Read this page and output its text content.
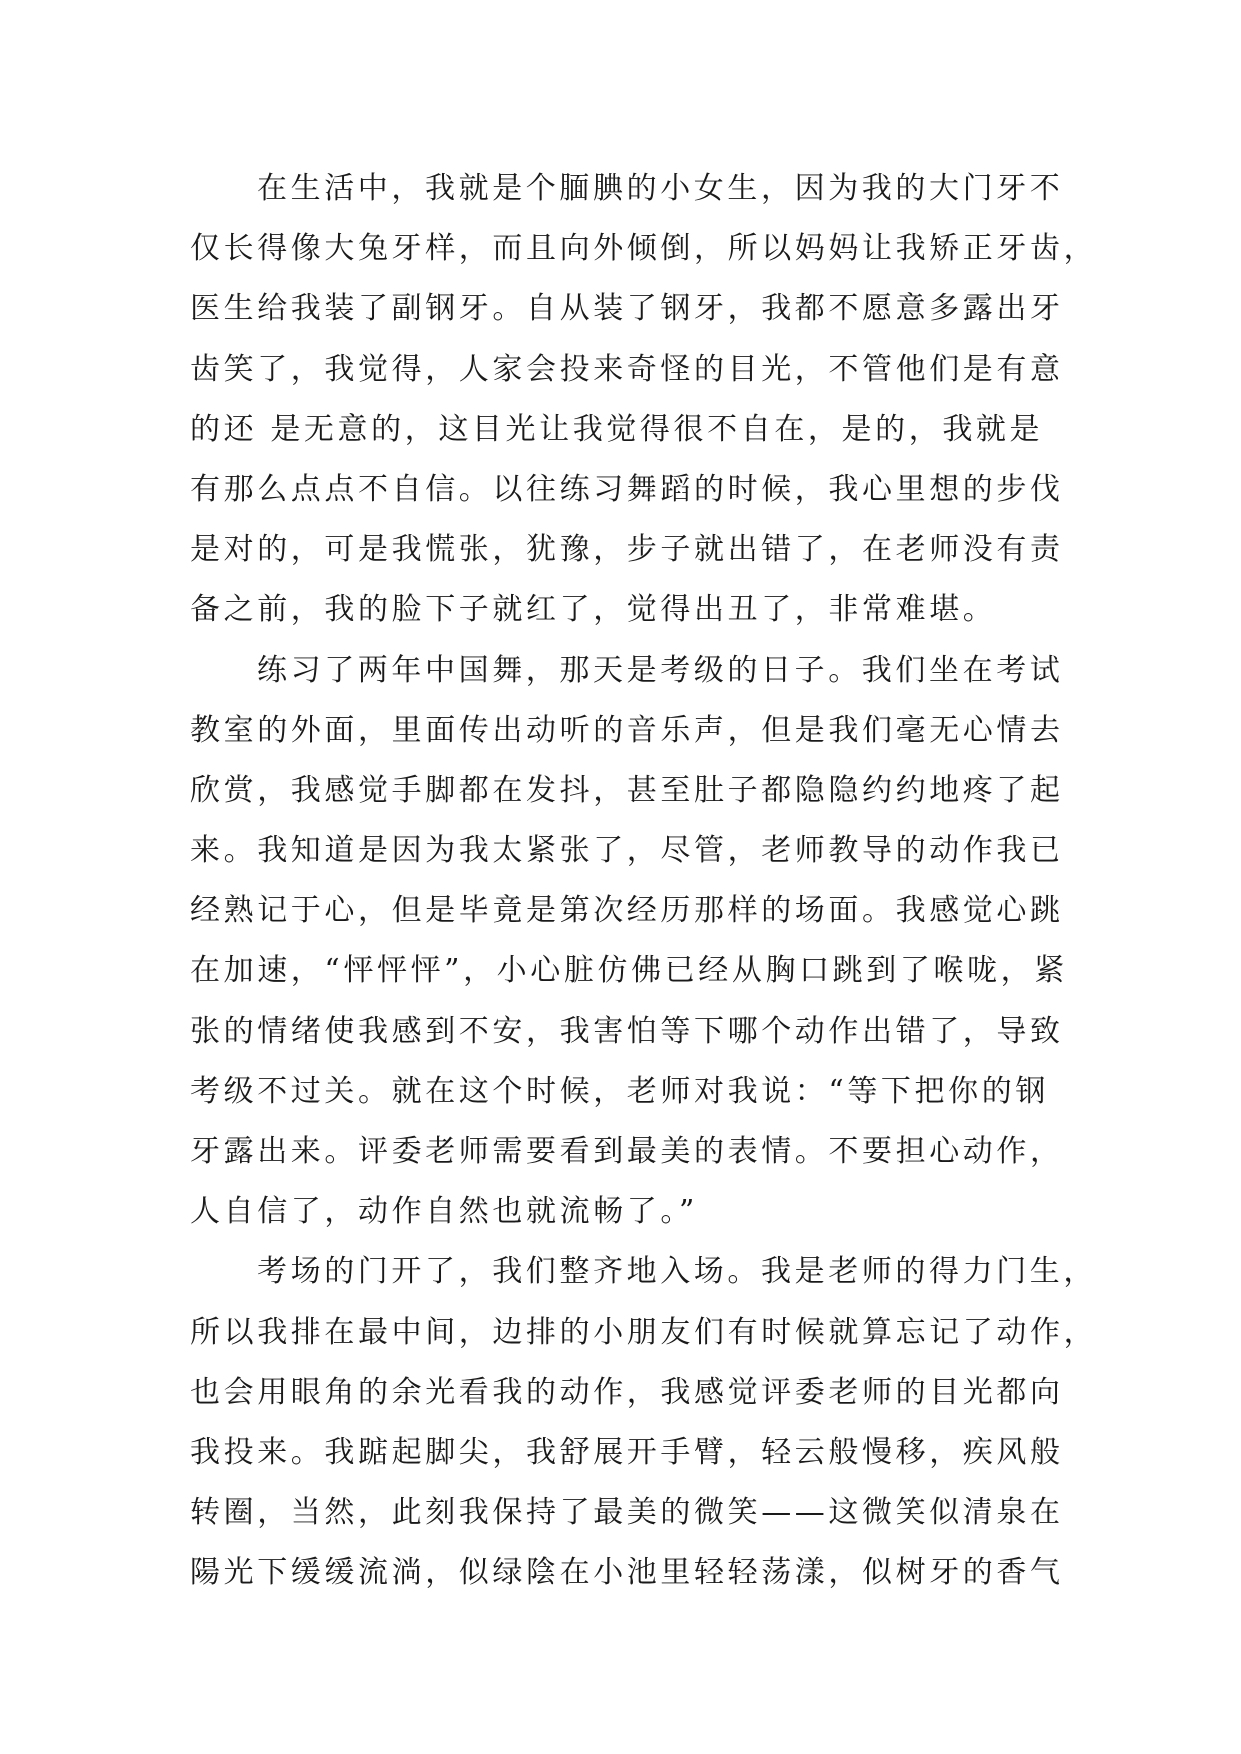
在生活中，我就是个腼腆的小女生，因为我的大门牙不
仅长得像大兔牙样，而且向外倾倒，所以妈妈让我矫正牙齿，
医生给我装了副钢牙。自从装了钢牙，我都不愿意多露出牙
齿笑了，我觉得，人家会投来奇怪的目光，不管他们是有意
的还 是无意的，这目光让我觉得很不自在，是的，我就是
有那么点点不自信。以往练习舞蹈的时候，我心里想的步伐
是对的，可是我慌张，犹豫，步子就出错了，在老师没有责
备之前，我的脸下子就红了，觉得出丑了，非常难堪。
练习了两年中国舞，那天是考级的日子。我们坐在考试
教室的外面，里面传出动听的音乐声，但是我们毫无心情去
欣赏，我感觉手脚都在发抖，甚至肚子都隐隐约约地疼了起
来。我知道是因为我太紧张了，尽管，老师教导的动作我已
经熟记于心，但是毕竟是第次经历那样的场面。我感觉心跳
在加速，“怦怦怦”，小心脏仿佛已经从胸口跳到了喉咙，紧
张的情绪使我感到不安，我害怕等下哪个动作出错了，导致
考级不过关。就在这个时候，老师对我说：“等下把你的钢
牙露出来。评委老师需要看到最美的表情。不要担心动作，
人自信了，动作自然也就流畅了。”
考场的门开了，我们整齐地入场。我是老师的得力门生，
所以我排在最中间，边排的小朋友们有时候就算忘记了动作，
也会用眼角的余光看我的动作，我感觉评委老师的目光都向
我投来。我踮起脚尖，我舒展开手臂，轻云般慢移，疾风般
转圈，当然，此刻我保持了最美的微笑——这微笑似清泉在
陽光下缓缓流淌，似绿陰在小池里轻轻荡漾，似树牙的香气
